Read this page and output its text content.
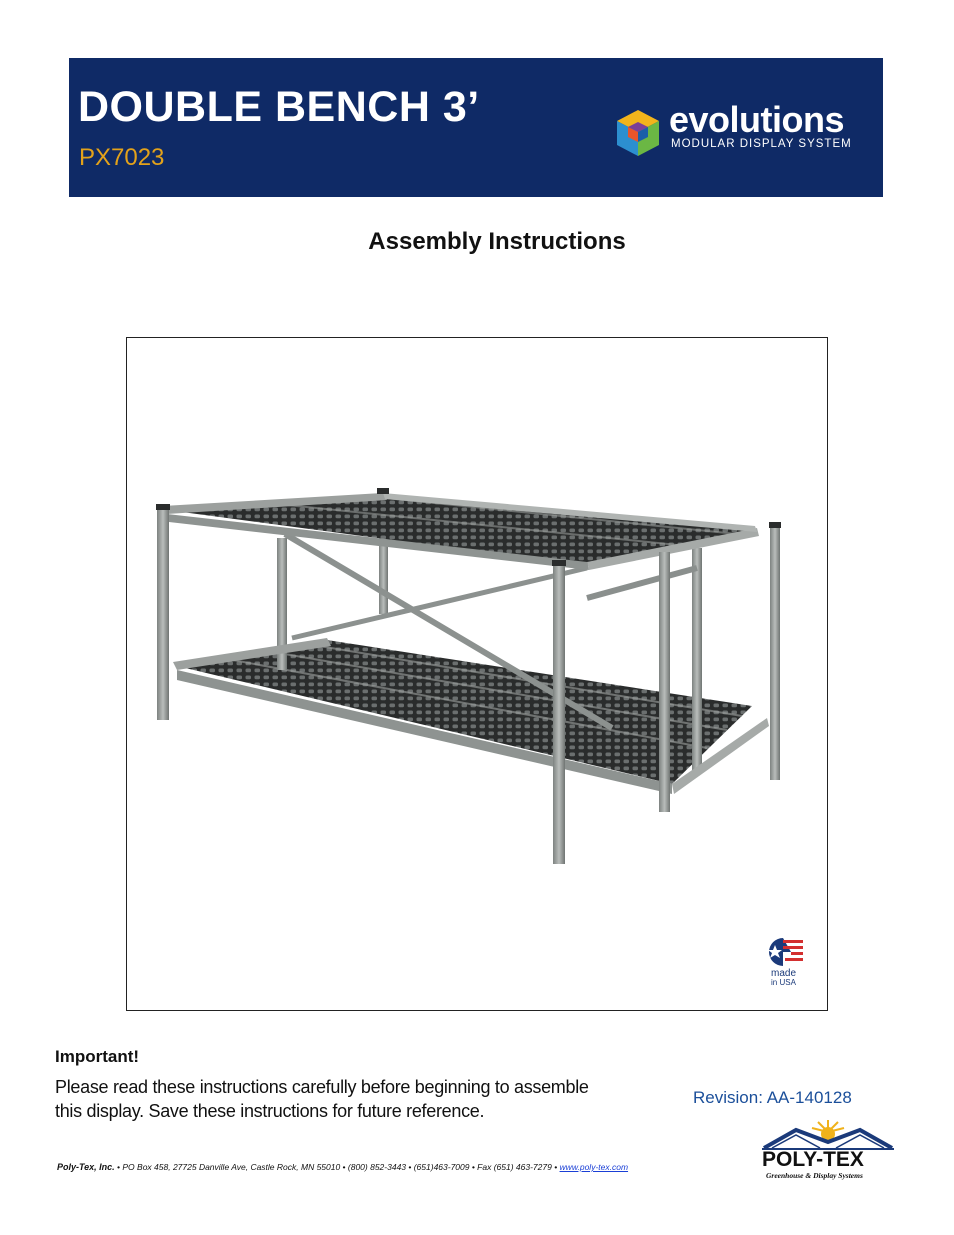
DOUBLE BENCH 3’
PX7023
evolutions
MODULAR DISPLAY SYSTEM
Assembly Instructions
made
in USA
Important!
Please read these instructions carefully before beginning to assemble this display. Save these instructions for future reference.
Revision: AA-140128
POLY-TEX
Greenhouse & Display Systems
Poly-Tex, Inc. • PO Box 458, 27725 Danville Ave, Castle Rock, MN 55010 • (800) 852-3443 • (651)463-7009 • Fax (651) 463-7279 • www.poly-tex.com
